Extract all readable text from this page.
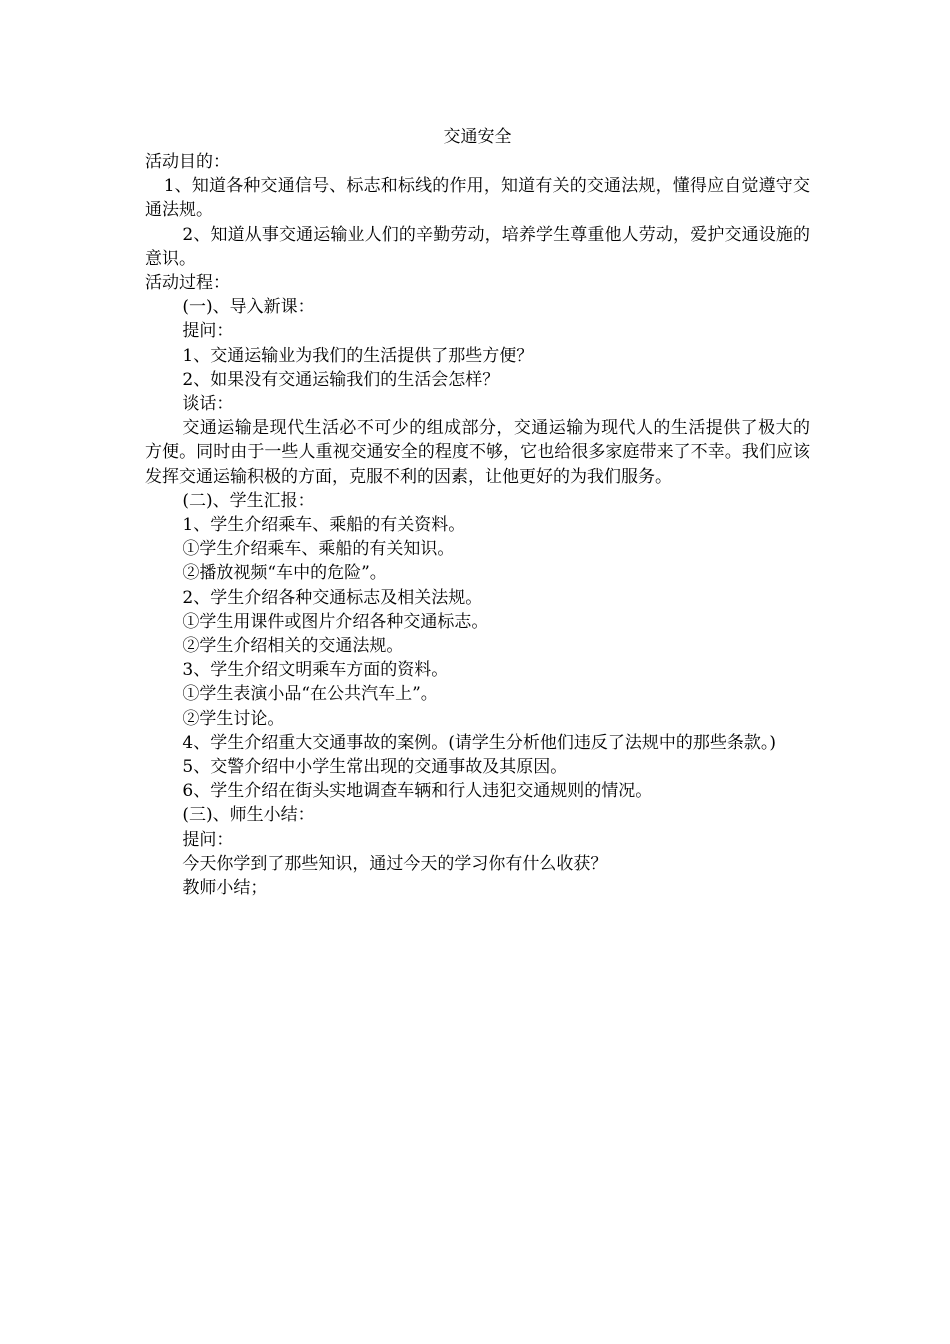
交通安全

活动目的：

1、知道各种交通信号、标志和标线的作用，知道有关的交通法规，懂得应自觉遵守交通法规。

2、知道从事交通运输业人们的辛勤劳动，培养学生尊重他人劳动，爱护交通设施的意识。

活动过程：

(一)、导入新课：

提问：

1、交通运输业为我们的生活提供了那些方便？

2、如果没有交通运输我们的生活会怎样？

谈话：

交通运输是现代生活必不可少的组成部分，交通运输为现代人的生活提供了极大的方便。同时由于一些人重视交通安全的程度不够，它也给很多家庭带来了不幸。我们应该发挥交通运输积极的方面，克服不利的因素，让他更好的为我们服务。

(二)、学生汇报：

1、学生介绍乘车、乘船的有关资料。

①学生介绍乘车、乘船的有关知识。

②播放视频“车中的危险”。

2、学生介绍各种交通标志及相关法规。

①学生用课件或图片介绍各种交通标志。

②学生介绍相关的交通法规。

3、学生介绍文明乘车方面的资料。

①学生表演小品“在公共汽车上”。

②学生讨论。

4、学生介绍重大交通事故的案例。(请学生分析他们违反了法规中的那些条款。)

5、交警介绍中小学生常出现的交通事故及其原因。

6、学生介绍在街头实地调查车辆和行人违犯交通规则的情况。

(三)、师生小结：

提问：

今天你学到了那些知识，通过今天的学习你有什么收获？

教师小结；
